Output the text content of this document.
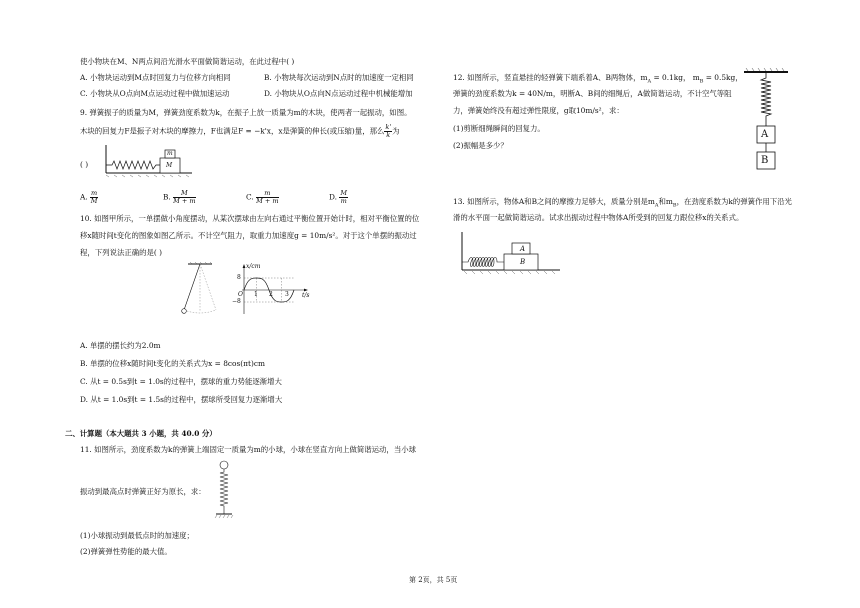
使小物块在M、N两点间沿光滑水平面做简谐运动，在此过程中( )
A. 小物块运动到M点时回复力与位移方向相同	B. 小物块每次运动到N点时的加速度一定相同
C. 小物块从O点向M点运动过程中做加速运动	D. 小物块从O点向N点运动过程中机械能增加
9. 弹簧振子的质量为M，弹簧劲度系数为k，在振子上放一质量为m的木块，使两者一起振动，如图。
木块的回复力F是振子对木块的摩擦力，F也满足F = −k'x，x是弹簧的伸长(或压缩)量，那么 $\frac{k'}{k}$ 为
( )
m
M
A. $\frac{m}{M}$	B. $\frac{M}{M + m}$	C. $\frac{m}{M + m}$	D. $\frac{M}{m}$
10. 如图甲所示，一单摆做小角度摆动，从某次摆球由左向右通过平衡位置开始计时，相对平衡位置的位
移x随时间t变化的图象如图乙所示。不计空气阻力，取重力加速度g = 10m/s²。对于这个单摆的振动过
程，下列说法正确的是( )
x/cm
t/s
8
−8
O 1 2 3
A. 单摆的摆长约为2.0m
B. 单摆的位移x随时间t变化的关系式为x = 8cos(πt)cm
C. 从t = 0.5s到t = 1.0s的过程中，摆球的重力势能逐渐增大
D. 从t = 1.0s到t = 1.5s的过程中，摆球所受回复力逐渐增大
二、计算题（本大题共 3 小题，共 40.0 分）
11. 如图所示，劲度系数为k的弹簧上端固定一质量为m的小球，小球在竖直方向上做简谐运动，当小球
振动到最高点时弹簧正好为原长，求：
(1)小球振动到最低点时的加速度；
(2)弹簧弹性势能的最大值。
12. 如图所示，竖直悬挂的轻弹簧下端系着A、B两物体，$m_A = 0.1kg$， $m_B = 0.5kg$，
弹簧的劲度系数为k = 40N/m，明断A、B间的细绳后，A做简谐运动，不计空气等阻
力，弹簧始终没有超过弹性限度，g取10m/s²，求：
(1)剪断细绳瞬间的回复力。
(2)振幅是多少？
A
B
13. 如图所示，物体A和B之间的摩擦力足够大，质量分别是$m_A$和$m_B$，在劲度系数为k的弹簧作用下沿光
滑的水平面一起做简谐运动。试求出振动过程中物体A所受到的回复力跟位移x的关系式。
A
B
第 2页，共 5页
